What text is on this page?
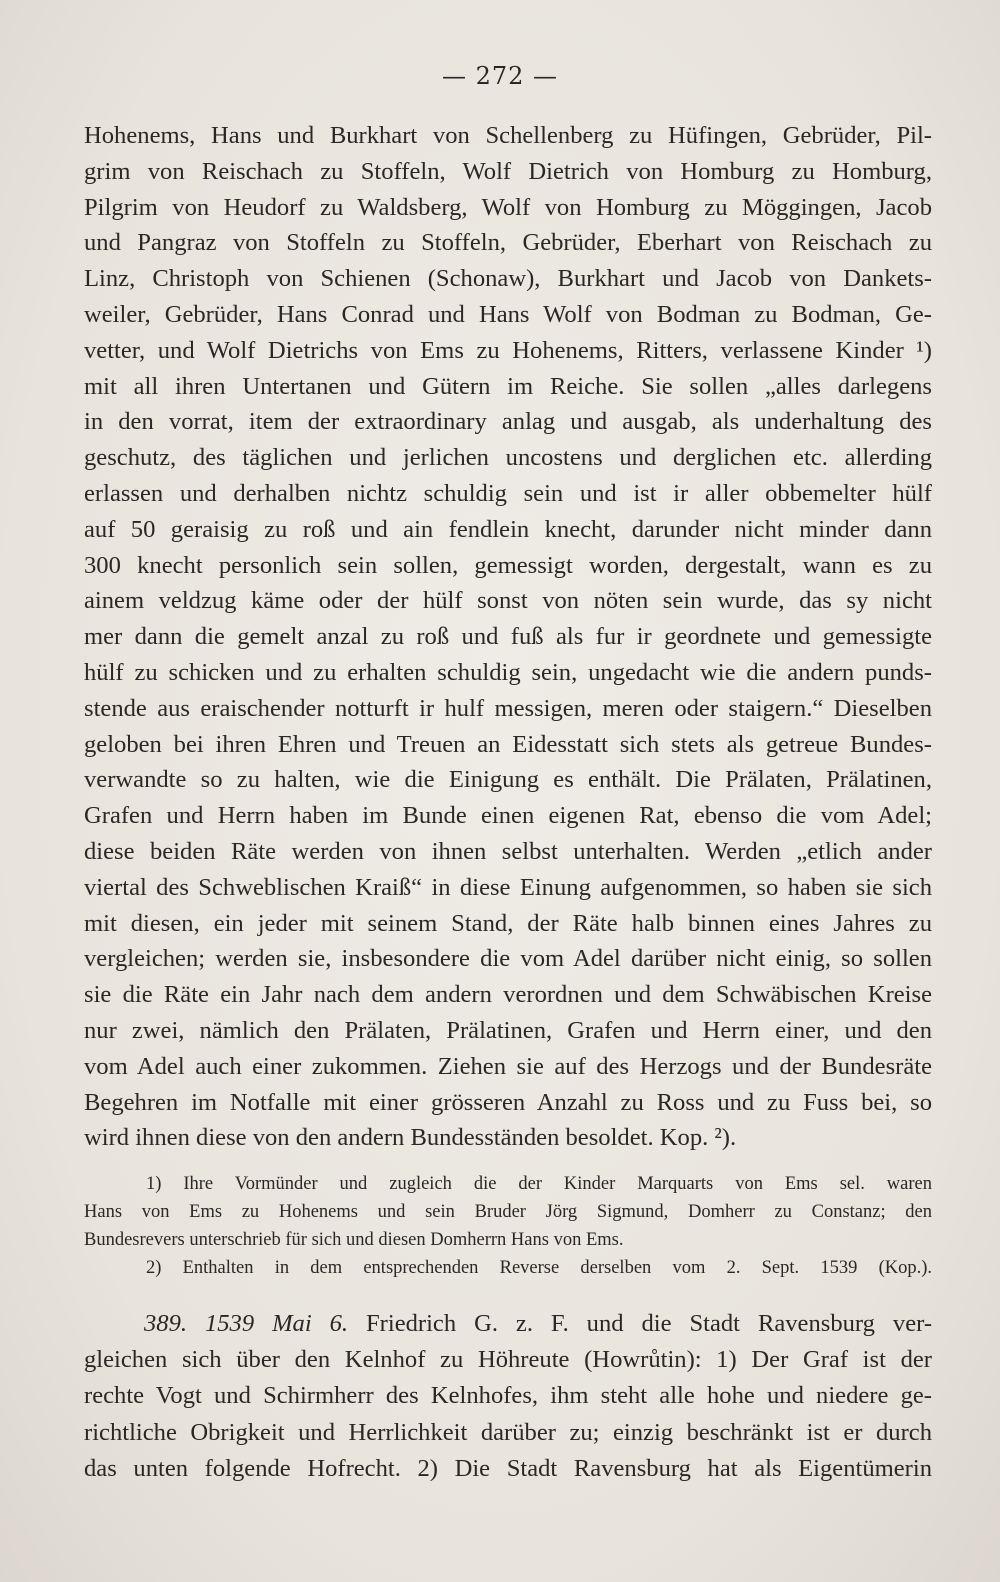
— 272 —
Hohenems, Hans und Burkhart von Schellenberg zu Hüfingen, Gebrüder, Pil-
grim von Reischach zu Stoffeln, Wolf Dietrich von Homburg zu Homburg,
Pilgrim von Heudorf zu Waldsberg, Wolf von Homburg zu Möggingen, Jacob
und Pangraz von Stoffeln zu Stoffeln, Gebrüder, Eberhart von Reischach zu
Linz, Christoph von Schienen (Schonaw), Burkhart und Jacob von Dankets-
weiler, Gebrüder, Hans Conrad und Hans Wolf von Bodman zu Bodman, Ge-
vetter, und Wolf Dietrichs von Ems zu Hohenems, Ritters, verlassene Kinder ¹)
mit all ihren Untertanen und Gütern im Reiche. Sie sollen „alles darlegens
in den vorrat, item der extraordinary anlag und ausgab, als underhaltung des
geschutz, des täglichen und jerlichen uncostens und derglichen etc. allerding
erlassen und derhalben nichtz schuldig sein und ist ir aller obbemelter hülf
auf 50 geraisig zu roß und ain fendlein knecht, darunder nicht minder dann
300 knecht personlich sein sollen, gemessigt worden, dergestalt, wann es zu
ainem veldzug käme oder der hülf sonst von nöten sein wurde, das sy nicht
mer dann die gemelt anzal zu roß und fuß als fur ir geordnete und gemessigte
hülf zu schicken und zu erhalten schuldig sein, ungedacht wie die andern punds-
stende aus eraischender notturft ir hulf messigen, meren oder staigern.“ Dieselben
geloben bei ihren Ehren und Treuen an Eidesstatt sich stets als getreue Bundes-
verwandte so zu halten, wie die Einigung es enthält. Die Prälaten, Prälatinen,
Grafen und Herrn haben im Bunde einen eigenen Rat, ebenso die vom Adel;
diese beiden Räte werden von ihnen selbst unterhalten. Werden „etlich ander
viertal des Schweblischen Kraiß“ in diese Einung aufgenommen, so haben sie sich
mit diesen, ein jeder mit seinem Stand, der Räte halb binnen eines Jahres zu
vergleichen; werden sie, insbesondere die vom Adel darüber nicht einig, so sollen
sie die Räte ein Jahr nach dem andern verordnen und dem Schwäbischen Kreise
nur zwei, nämlich den Prälaten, Prälatinen, Grafen und Herrn einer, und den
vom Adel auch einer zukommen. Ziehen sie auf des Herzogs und der Bundesräte
Begehren im Notfalle mit einer grösseren Anzahl zu Ross und zu Fuss bei, so
wird ihnen diese von den andern Bundesständen besoldet. Kop. ²).
1) Ihre Vormünder und zugleich die der Kinder Marquarts von Ems sel. waren
Hans von Ems zu Hohenems und sein Bruder Jörg Sigmund, Domherr zu Constanz; den
Bundesrevers unterschrieb für sich und diesen Domherrn Hans von Ems.
2) Enthalten in dem entsprechenden Reverse derselben vom 2. Sept. 1539 (Kop.).
389. 1539 Mai 6. Friedrich G. z. F. und die Stadt Ravensburg ver-
gleichen sich über den Kelnhof zu Höhreute (Howrůtin): 1) Der Graf ist der
rechte Vogt und Schirmherr des Kelnhofes, ihm steht alle hohe und niedere ge-
richtliche Obrigkeit und Herrlichkeit darüber zu; einzig beschränkt ist er durch
das unten folgende Hofrecht. 2) Die Stadt Ravensburg hat als Eigentümerin
